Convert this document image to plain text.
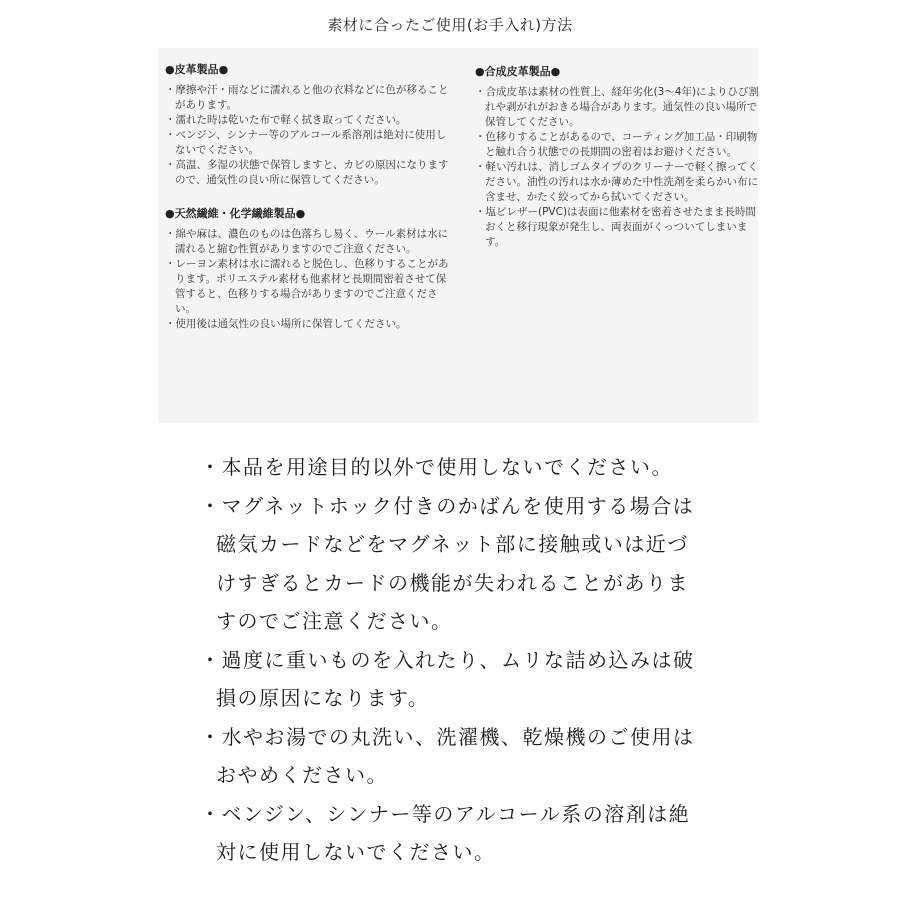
素材に合ったご使用(お手入れ)方法
●皮革製品●

・摩擦や汗・雨などに濡れると他の衣料などに色が移ることがあります。

・濡れた時は乾いた布で軽く拭き取ってください。

・ベンジン、シンナー等のアルコール系溶剤は絶対に使用しないでください。

・高温、多湿の状態で保管しますと、カビの原因になりますので、通気性の良い所に保管してください。

●天然繊維・化学繊維製品●

・綿や麻は、濃色のものは色落ちし易く、ウール素材は水に濡れると縮む性質がありますのでご注意ください。

・レーヨン素材は水に濡れると脱色し、色移りすることがあります。ポリエステル素材も他素材と長期間密着させて保管すると、色移りする場合がありますのでご注意ください。

・使用後は通気性の良い場所に保管してください。

●合成皮革製品●

・合成皮革は素材の性質上、経年劣化(3～4年)によりひび割れや剥がれがおきる場合があります。通気性の良い場所で保管してください。

・色移りすることがあるので、コーティング加工品・印刷物と触れ合う状態での長期間の密着はお避けください。

・軽い汚れは、消しゴムタイプのクリーナーで軽く擦ってください。油性の汚れは水か薄めた中性洗剤を柔らかい布に含ませ、かたく絞ってから拭いてください。

・塩ビレザー(PVC)は表面に他素材を密着させたまま長時間おくと移行現象が発生し、両表面がくっついてしまいます。

・本品を用途目的以外で使用しないでください。

・マグネットホック付きのかばんを使用する場合は磁気カードなどをマグネット部に接触或いは近づけすぎるとカードの機能が失われることがありますのでご注意ください。

・過度に重いものを入れたり、ムリな詰め込みは破損の原因になります。

・水やお湯での丸洗い、洗濯機、乾燥機のご使用はおやめください。

・ベンジン、シンナー等のアルコール系の溶剤は絶対に使用しないでください。
